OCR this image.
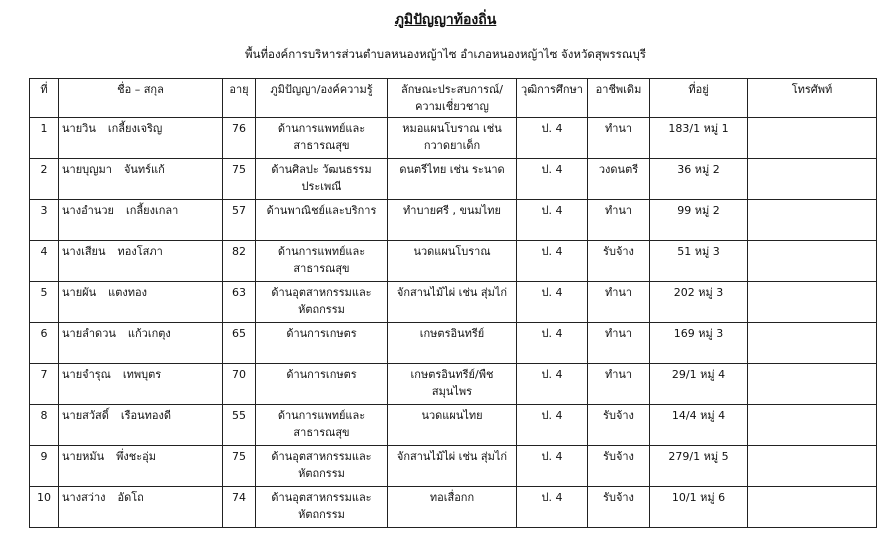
ภูมิปัญญาท้องถิ่น
พื้นที่องค์การบริหารส่วนตำบลหนองหญ้าไซ อำเภอหนองหญ้าไซ จังหวัดสุพรรณบุรี
ที่	ชื่อ – สกุล	อายุ	ภูมิปัญญา/องค์ความรู้	ลักษณะประสบการณ์/ความเชี่ยวชาญ	วุฒิการศึกษา	อาชีพเดิม	ที่อยู่	โทรศัพท์
1	นายวิน เกลี้ยงเจริญ	76	ด้านการแพทย์และสาธารณสุข	หมอแผนโบราณ เช่น กวาดยาเด็ก	ป. 4	ทำนา	183/1 หมู่ 1	
2	นายบุญมา จันทร์แก้	75	ด้านศิลปะ วัฒนธรรมประเพณี	ดนตรีไทย เช่น ระนาด	ป. 4	วงดนตรี	36 หมู่ 2	
3	นางอำนวย เกลี้ยงเกลา	57	ด้านพาณิชย์และบริการ	ทำบายศรี , ขนมไทย	ป. 4	ทำนา	99 หมู่ 2	
4	นางเสียน ทองโสภา	82	ด้านการแพทย์และสาธารณสุข	นวดแผนโบราณ	ป. 4	รับจ้าง	51 หมู่ 3	
5	นายผัน แตงทอง	63	ด้านอุตสาหกรรมและหัตถกรรม	จักสานไม้ไผ่ เช่น สุ่มไก่	ป. 4	ทำนา	202 หมู่ 3	
6	นายลำดวน แก้วเกตุง	65	ด้านการเกษตร	เกษตรอินทรีย์	ป. 4	ทำนา	169 หมู่ 3	
7	นายจำรุณ เทพบุตร	70	ด้านการเกษตร	เกษตรอินทรีย์/พืชสมุนไพร	ป. 4	ทำนา	29/1 หมู่ 4	
8	นายสวัสดิ์ เรือนทองดี	55	ด้านการแพทย์และสาธารณสุข	นวดแผนไทย	ป. 4	รับจ้าง	14/4 หมู่ 4	
9	นายหมัน พึ่งชะอุ่ม	75	ด้านอุตสาหกรรมและหัตถกรรม	จักสานไม้ไผ่ เช่น สุ่มไก่	ป. 4	รับจ้าง	279/1 หมู่ 5	
10	นางสว่าง อัดโถ	74	ด้านอุตสาหกรรมและหัตถกรรม	ทอเสื่อกก	ป. 4	รับจ้าง	10/1 หมู่ 6	
